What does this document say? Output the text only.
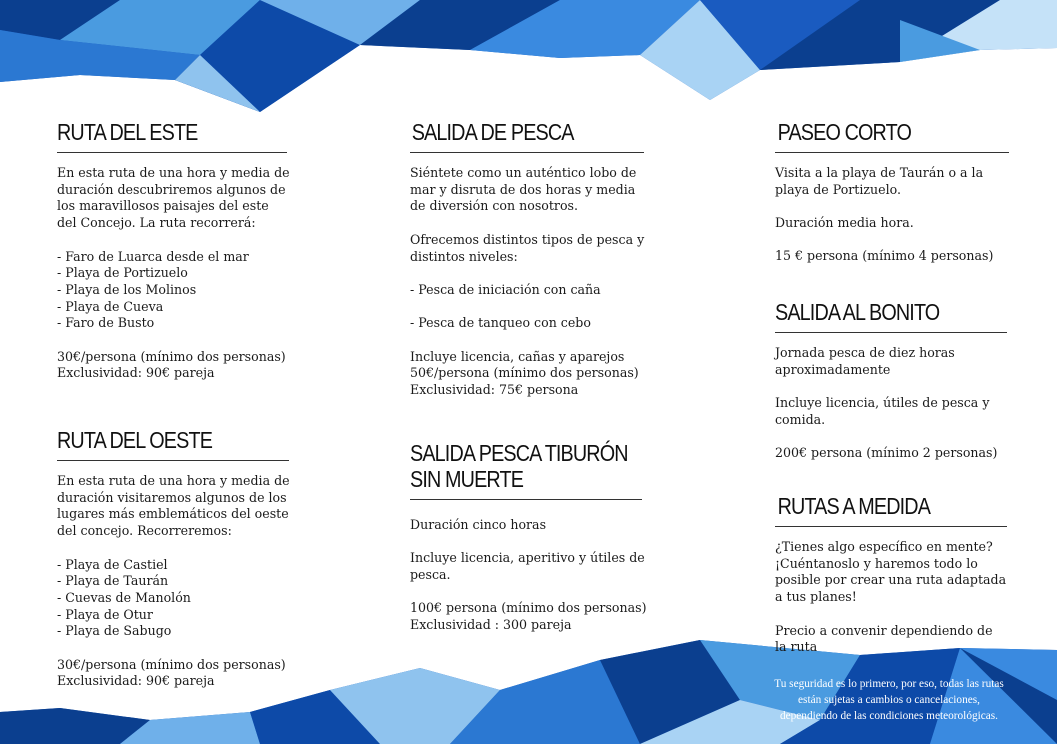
RUTA DEL ESTE

En esta ruta de una hora y media de

duración descubriremos algunos de

los maravillosos paisajes del este

del Concejo. La ruta recorrerá:

- Faro de Luarca desde el mar
- Playa de Portizuelo
- Playa de los Molinos
- Playa de Cueva
- Faro de Busto

30€/persona (mínimo dos personas)

Exclusividad: 90€ pareja

RUTA DEL OESTE

En esta ruta de una hora y media de

duración visitaremos algunos de los

lugares más emblemáticos del oeste

del concejo. Recorreremos:

- Playa de Castiel
- Playa de Taurán
- Cuevas de Manolón
- Playa de Otur
- Playa de Sabugo

30€/persona (mínimo dos personas)

Exclusividad: 90€ pareja

SALIDA DE PESCA

Siéntete como un auténtico lobo de

mar y disruta de dos horas y media

de diversión con nosotros.

Ofrecemos distintos tipos de pesca y

distintos niveles:

- Pesca de iniciación con caña

- Pesca de tanqueo con cebo

Incluye licencia, cañas y aparejos

50€/persona (mínimo dos personas)

Exclusividad: 75€ persona

SALIDA PESCA TIBURÓN
SIN MUERTE

Duración cinco horas

Incluye licencia, aperitivo y útiles de

pesca.

100€ persona (mínimo dos personas)

Exclusividad : 300 pareja

PASEO CORTO

Visita a la playa de Taurán o a la

playa de Portizuelo.

Duración media hora.

15 € persona (mínimo 4 personas)

SALIDA AL BONITO

Jornada pesca de diez horas

aproximadamente

Incluye licencia, útiles de pesca y

comida.

200€ persona (mínimo 2 personas)

RUTAS A MEDIDA

¿Tienes algo específico en mente?

¡Cuéntanoslo y haremos todo lo

posible por crear una ruta adaptada

a tus planes!

Precio a convenir dependiendo de

la ruta

Tu seguridad es lo primero, por eso, todas las rutas

están sujetas a cambios o cancelaciones,

dependiendo de las condiciones meteorológicas.
